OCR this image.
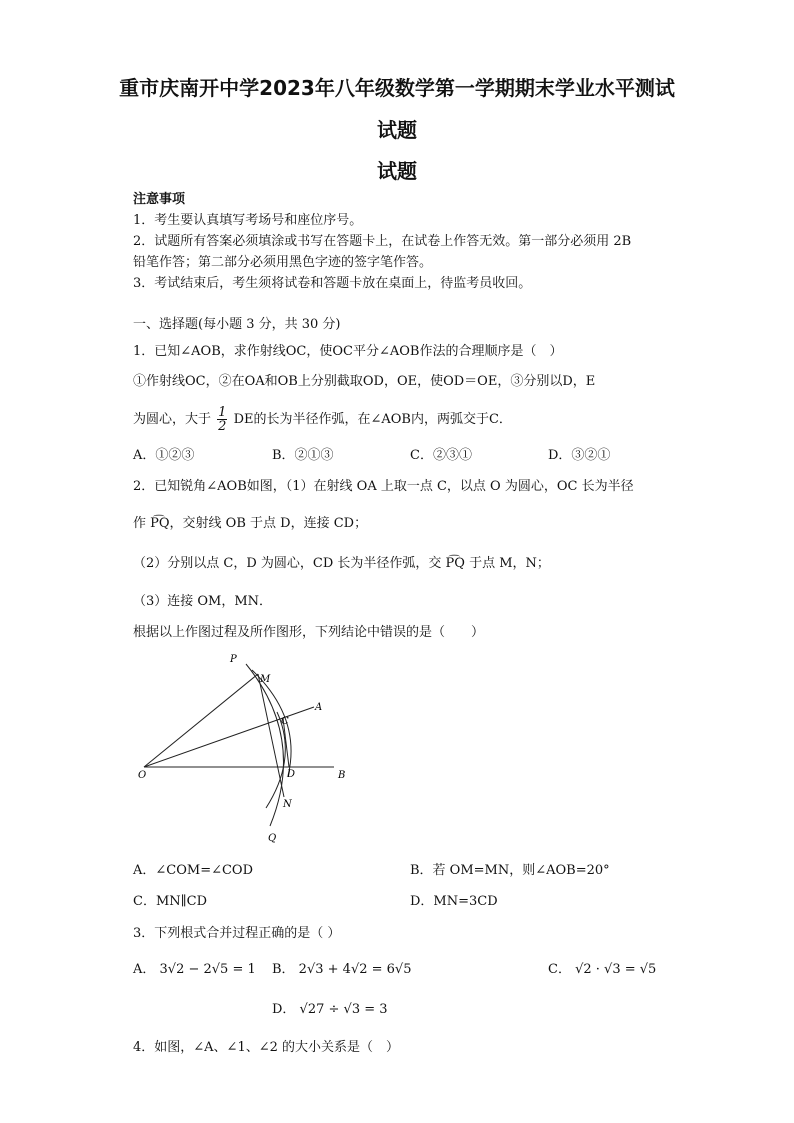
重市庆南开中学2023年八年级数学第一学期期末学业水平测试
试题
试题
注意事项
1．考生要认真填写考场号和座位序号。
2．试题所有答案必须填涂或书写在答题卡上，在试卷上作答无效。第一部分必须用 2B
铅笔作答；第二部分必须用黑色字迹的签字笔作答。
3．考试结束后，考生须将试卷和答题卡放在桌面上，待监考员收回。
一、选择题(每小题 3 分，共 30 分)
1．已知∠AOB，求作射线OC，使OC平分∠AOB作法的合理顺序是（　）
①作射线OC，②在OA和OB上分别截取OD，OE，使OD＝OE，③分别以D，E
为圆心，大于 $\frac{1}{2}$ DE的长为半径作弧，在∠AOB内，两弧交于C．
A．①②③	B．②①③	C．②③①	D．③②①
2．已知锐角∠AOB如图，（1）在射线 OA 上取一点 C，以点 O 为圆心，OC 长为半径
作 P͡Q，交射线 OB 于点 D，连接 CD；
（2）分别以点 C，D 为圆心，CD 长为半径作弧，交 P͡Q 于点 M，N；
（3）连接 OM，MN．
根据以上作图过程及所作图形，下列结论中错误的是（　　）
P
M
A
C
O	D	B
N
Q
A．∠COM=∠COD	B．若 OM=MN，则∠AOB=20°
C．MN∥CD	D．MN=3CD
3．下列根式合并过程正确的是（ ）
A． 3√2 − 2√5 = 1 B． 2√3 + 4√2 = 6√5	C． √2 · √3 = √5
D． √27 ÷ √3 = 3
4．如图，∠A、∠1、∠2 的大小关系是（　）
